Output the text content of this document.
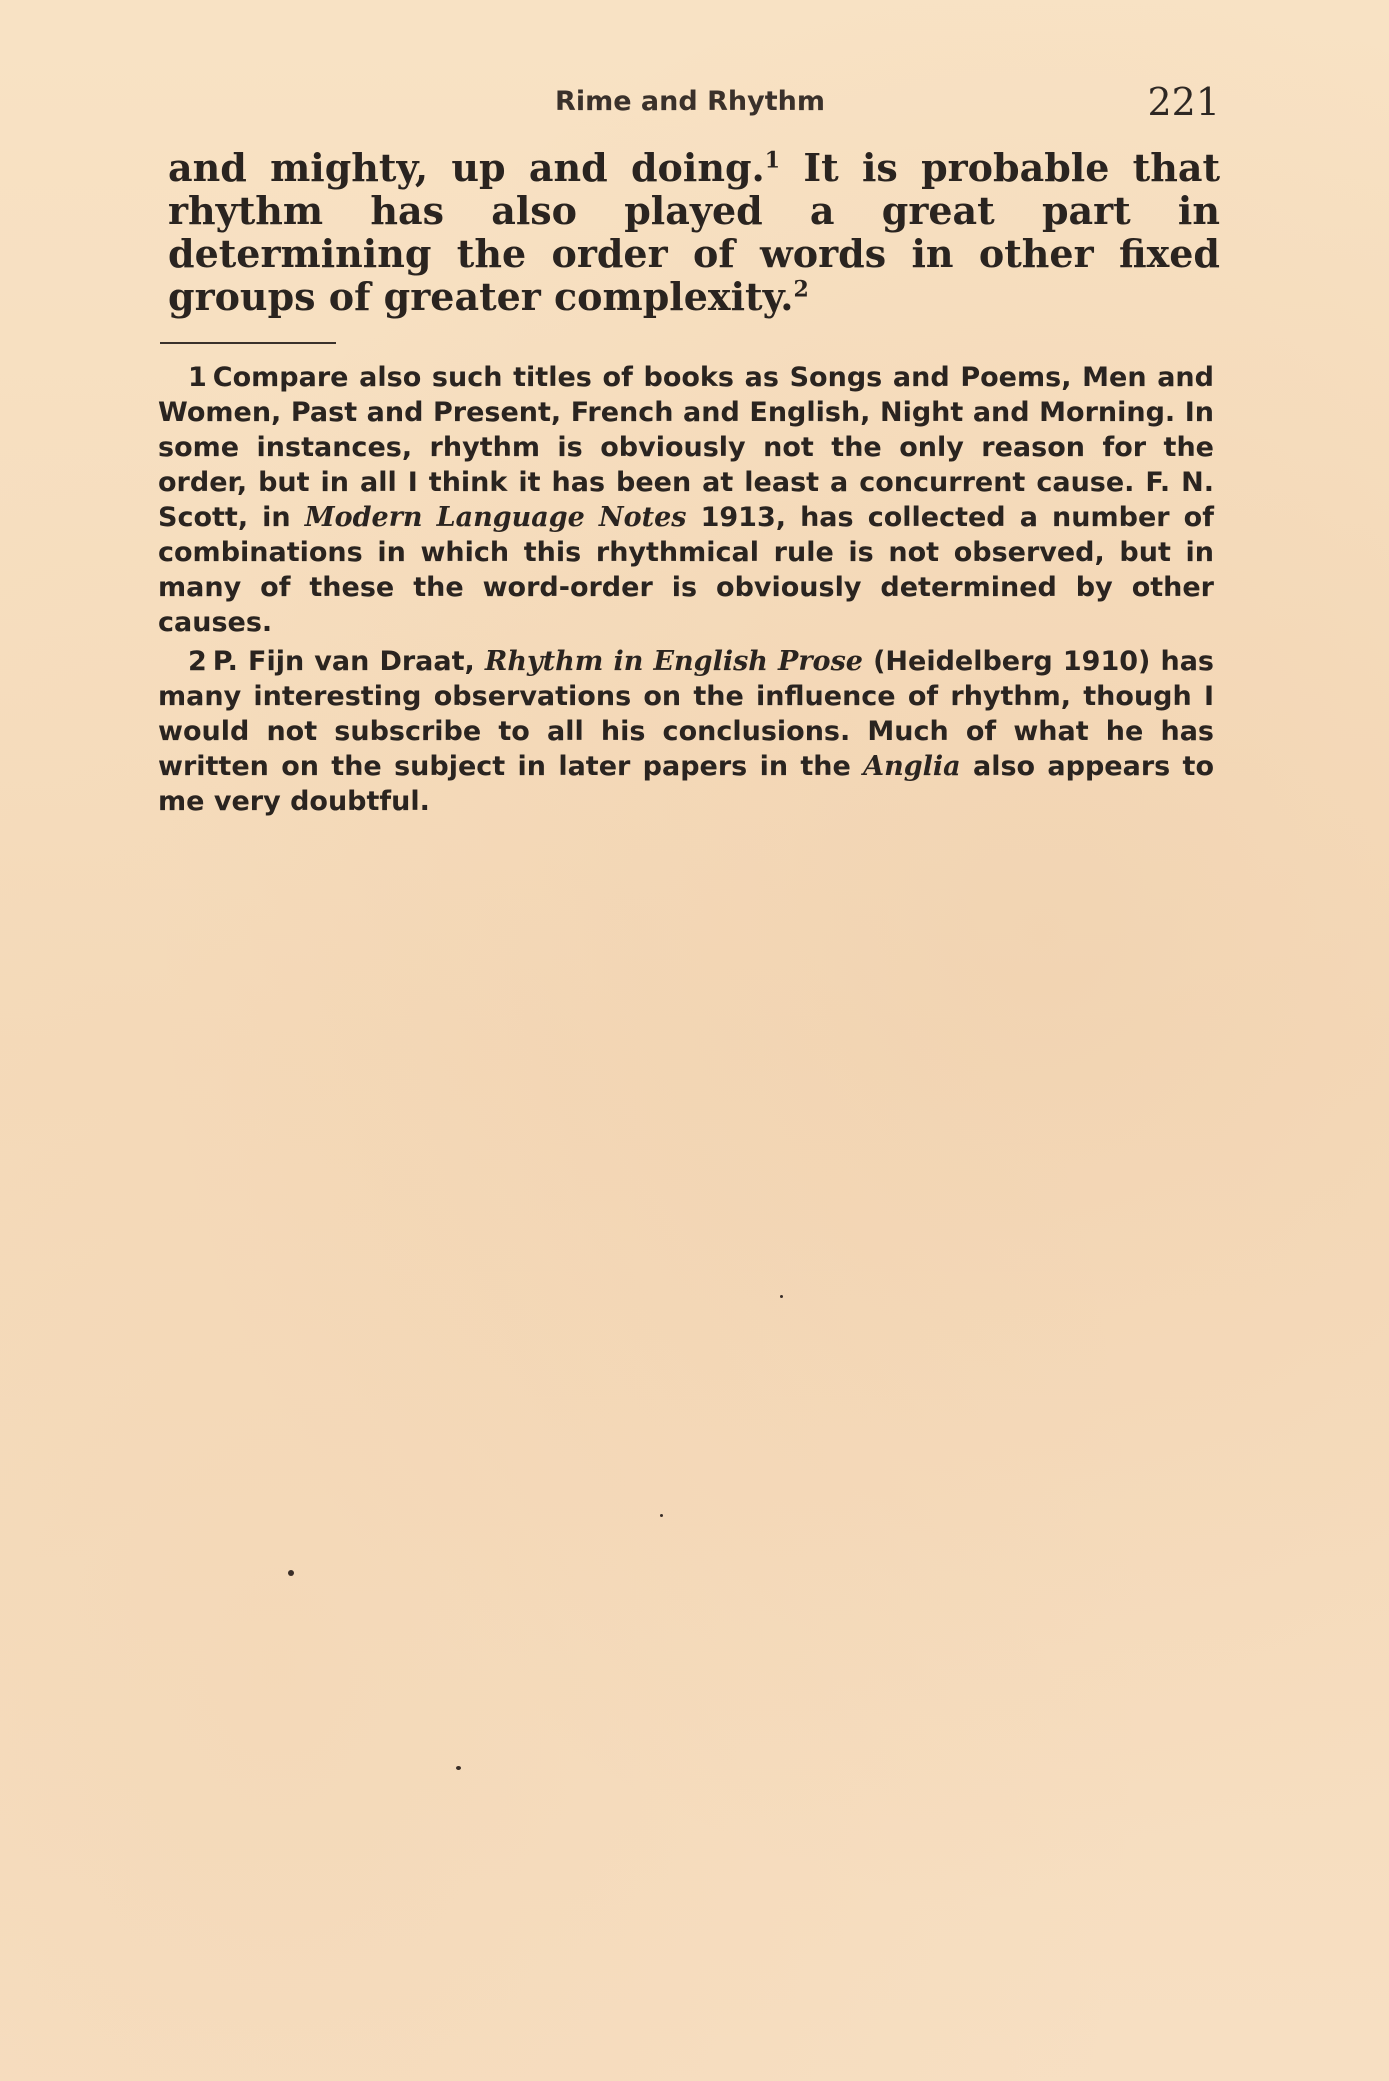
Rime and Rhythm	221

and mighty, up and doing.$^1$ It is probable that rhythm has also played a great part in determining the order of words in other fixed groups of greater complexity.$^2$

1 Compare also such titles of books as Songs and Poems, Men and Women, Past and Present, French and English, Night and Morning. In some instances, rhythm is obviously not the only reason for the order, but in all I think it has been at least a concurrent cause. F. N. Scott, in Modern Language Notes 1913, has collected a number of combinations in which this rhythmical rule is not observed, but in many of these the word-order is obviously determined by other causes.

2 P. Fijn van Draat, Rhythm in English Prose (Heidelberg 1910) has many interesting observations on the influence of rhythm, though I would not subscribe to all his conclusions. Much of what he has written on the subject in later papers in the Anglia also appears to me very doubtful.
